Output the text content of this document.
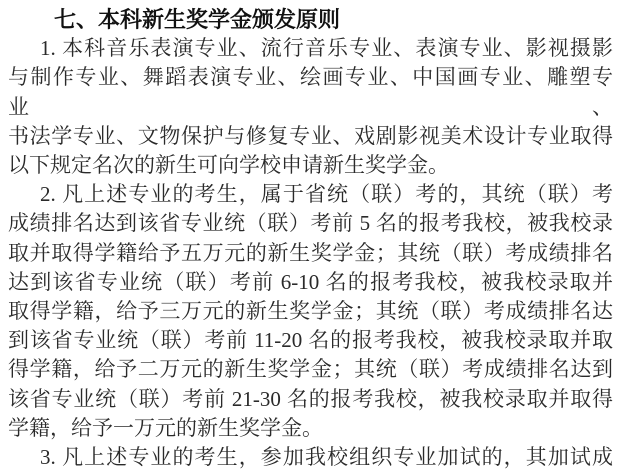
七、本科新生奖学金颁发原则
1. 本科音乐表演专业、流行音乐专业、表演专业、影视摄影
与制作专业、舞蹈表演专业、绘画专业、中国画专业、雕塑专业、
书法学专业、文物保护与修复专业、戏剧影视美术设计专业取得
以下规定名次的新生可向学校申请新生奖学金。
2. 凡上述专业的考生，属于省统（联）考的，其统（联）考
成绩排名达到该省专业统（联）考前 5 名的报考我校，被我校录
取并取得学籍给予五万元的新生奖学金；其统（联）考成绩排名
达到该省专业统（联）考前 6-10 名的报考我校，被我校录取并
取得学籍，给予三万元的新生奖学金；其统（联）考成绩排名达
到该省专业统（联）考前 11-20 名的报考我校，被我校录取并取
得学籍，给予二万元的新生奖学金；其统（联）考成绩排名达到
该省专业统（联）考前 21-30 名的报考我校，被我校录取并取得
学籍，给予一万元的新生奖学金。
3. 凡上述专业的考生，参加我校组织专业加试的，其加试成
